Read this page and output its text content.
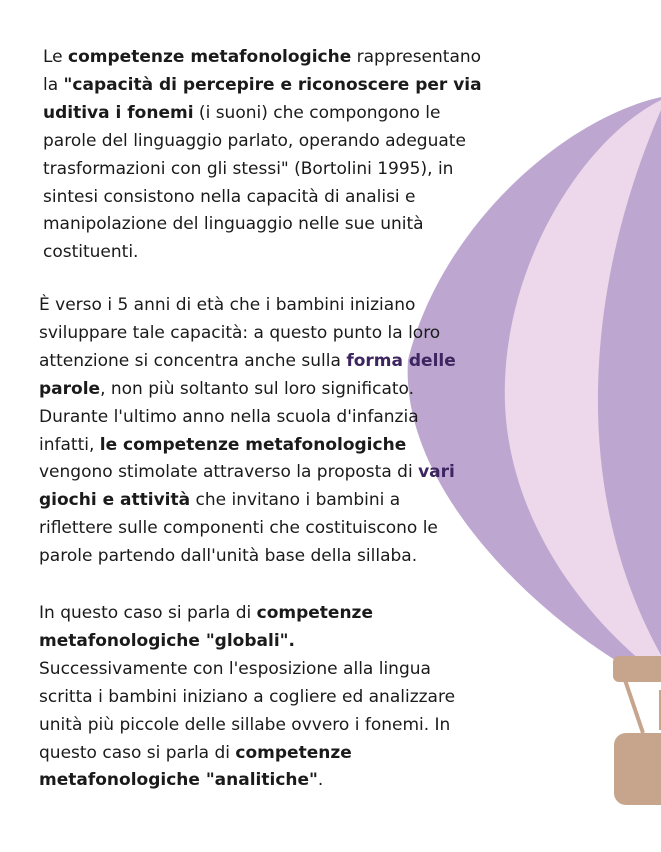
Le competenze metafonologiche rappresentano

la "capacità di percepire e riconoscere per via

uditiva i fonemi (i suoni) che compongono le

parole del linguaggio parlato, operando adeguate

trasformazioni con gli stessi" (Bortolini 1995), in

sintesi consistono nella capacità di analisi e

manipolazione del linguaggio nelle sue unità

costituenti.

È verso i 5 anni di età che i bambini iniziano

sviluppare tale capacità: a questo punto la loro

attenzione si concentra anche sulla forma delle

parole, non più soltanto sul loro significato.

Durante l'ultimo anno nella scuola d'infanzia

infatti, le competenze metafonologiche

vengono stimolate attraverso la proposta di vari

giochi e attività che invitano i bambini a

riflettere sulle componenti che costituiscono le

parole partendo dall'unità base della sillaba.

In questo caso si parla di competenze

metafonologiche "globali".

Successivamente con l'esposizione alla lingua

scritta i bambini iniziano a cogliere ed analizzare

unità più piccole delle sillabe ovvero i fonemi. In

questo caso si parla di competenze

metafonologiche "analitiche".
